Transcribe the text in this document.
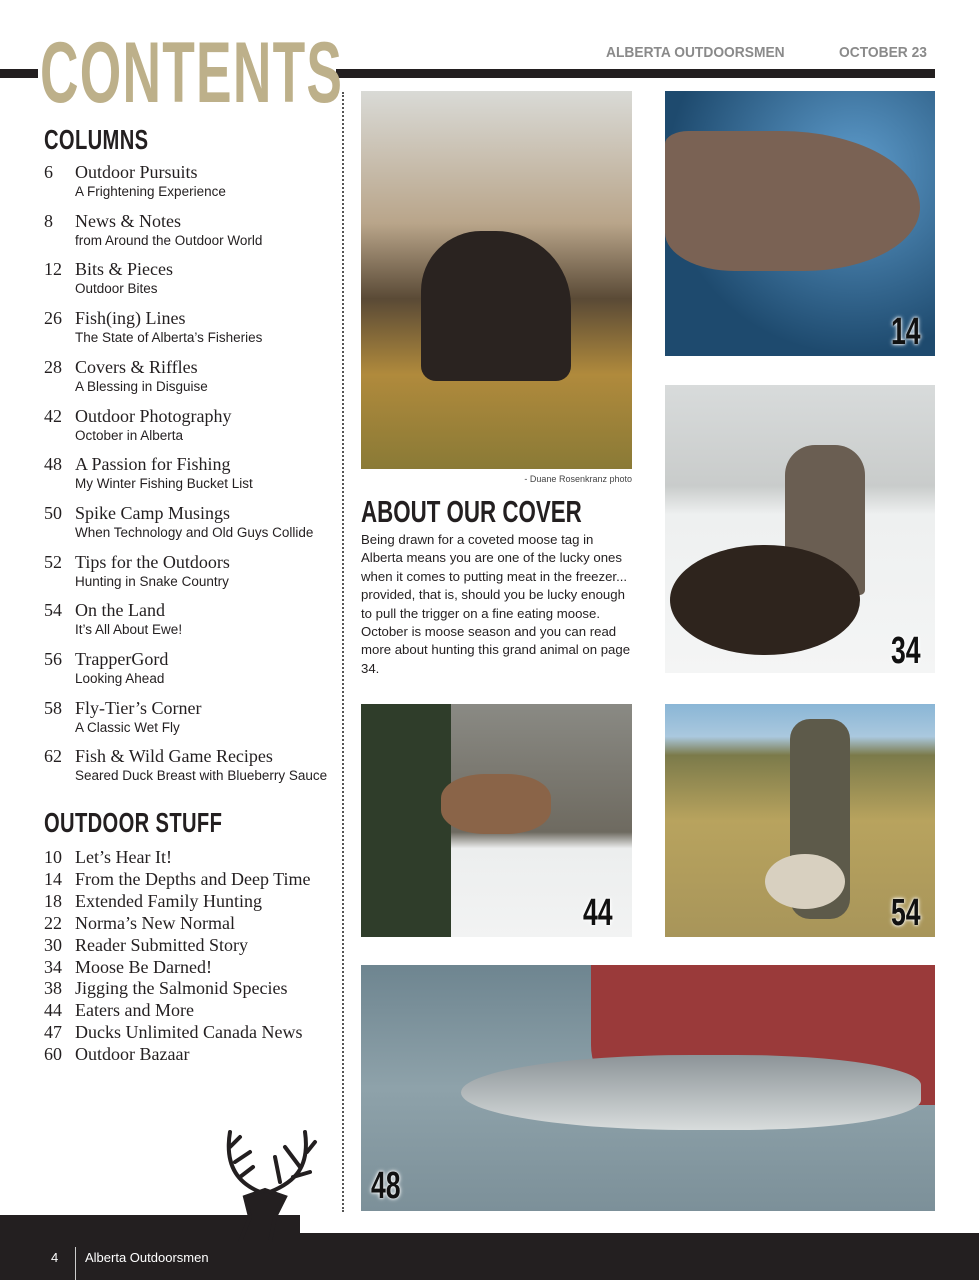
CONTENTS	ALBERTA OUTDOORSMEN	OCTOBER 23
COLUMNS
6 Outdoor Pursuits
A Frightening Experience
8 News & Notes
from Around the Outdoor World
12 Bits & Pieces
Outdoor Bites
26 Fish(ing) Lines
The State of Alberta’s Fisheries
28 Covers & Riffles
A Blessing in Disguise
42 Outdoor Photography
October in Alberta
48 A Passion for Fishing
My Winter Fishing Bucket List
50 Spike Camp Musings
When Technology and Old Guys Collide
52 Tips for the Outdoors
Hunting in Snake Country
54 On the Land
It’s All About Ewe!
56 TrapperGord
Looking Ahead
58 Fly-Tier’s Corner
A Classic Wet Fly
62 Fish & Wild Game Recipes
Seared Duck Breast with Blueberry Sauce
OUTDOOR STUFF
10 Let’s Hear It!
14 From the Depths and Deep Time
18 Extended Family Hunting
22 Norma’s New Normal
30 Reader Submitted Story
34 Moose Be Darned!
38 Jigging the Salmonid Species
44 Eaters and More
47 Ducks Unlimited Canada News
60 Outdoor Bazaar
- Duane Rosenkranz photo
ABOUT OUR COVER
Being drawn for a coveted moose tag in Alberta means you are one of the lucky ones when it comes to putting meat in the freezer... provided, that is, should you be lucky enough to pull the trigger on a fine eating moose. October is moose season and you can read more about hunting this grand animal on page 34.
14
34
44	54
48
4 Alberta Outdoorsmen
